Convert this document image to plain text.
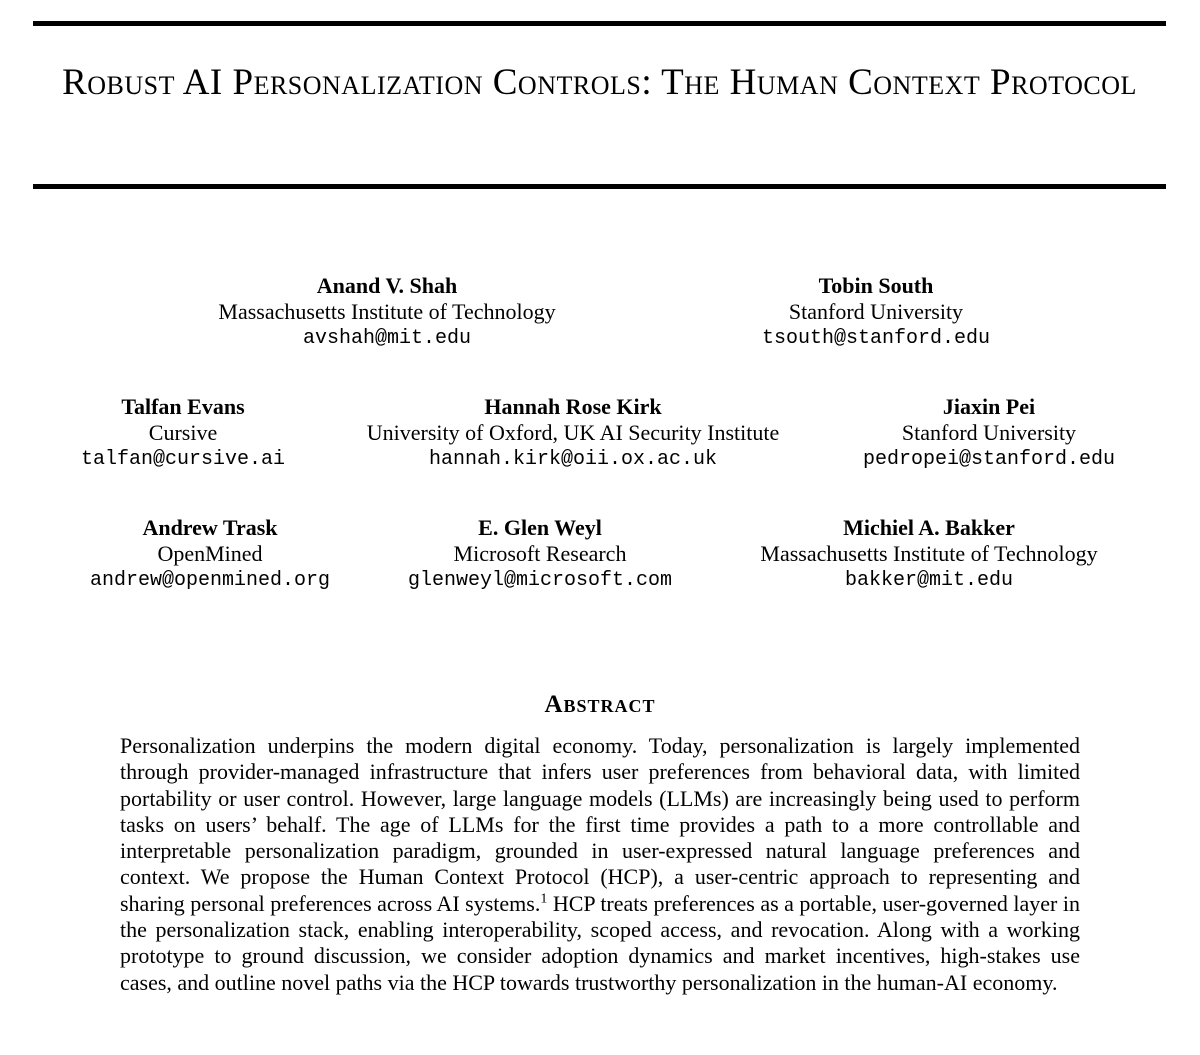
Robust AI Personalization Controls: The Human Context Protocol
Anand V. Shah
Massachusetts Institute of Technology
avshah@mit.edu
Tobin South
Stanford University
tsouth@stanford.edu
Talfan Evans
Cursive
talfan@cursive.ai
Hannah Rose Kirk
University of Oxford, UK AI Security Institute
hannah.kirk@oii.ox.ac.uk
Jiaxin Pei
Stanford University
pedropei@stanford.edu
Andrew Trask
OpenMined
andrew@openmined.org
E. Glen Weyl
Microsoft Research
glenweyl@microsoft.com
Michiel A. Bakker
Massachusetts Institute of Technology
bakker@mit.edu
Abstract
Personalization underpins the modern digital economy. Today, personalization is largely implemented through provider-managed infrastructure that infers user preferences from behavioral data, with limited portability or user control. However, large language models (LLMs) are increasingly being used to perform tasks on users’ behalf. The age of LLMs for the first time provides a path to a more controllable and interpretable personalization paradigm, grounded in user-expressed natural language preferences and context. We propose the Human Context Protocol (HCP), a user-centric approach to representing and sharing personal preferences across AI systems.$^1$ HCP treats preferences as a portable, user-governed layer in the personalization stack, enabling interoperability, scoped access, and revocation. Along with a working prototype to ground discussion, we consider adoption dynamics and market incentives, high-stakes use cases, and outline novel paths via the HCP towards trustworthy personalization in the human-AI economy.
